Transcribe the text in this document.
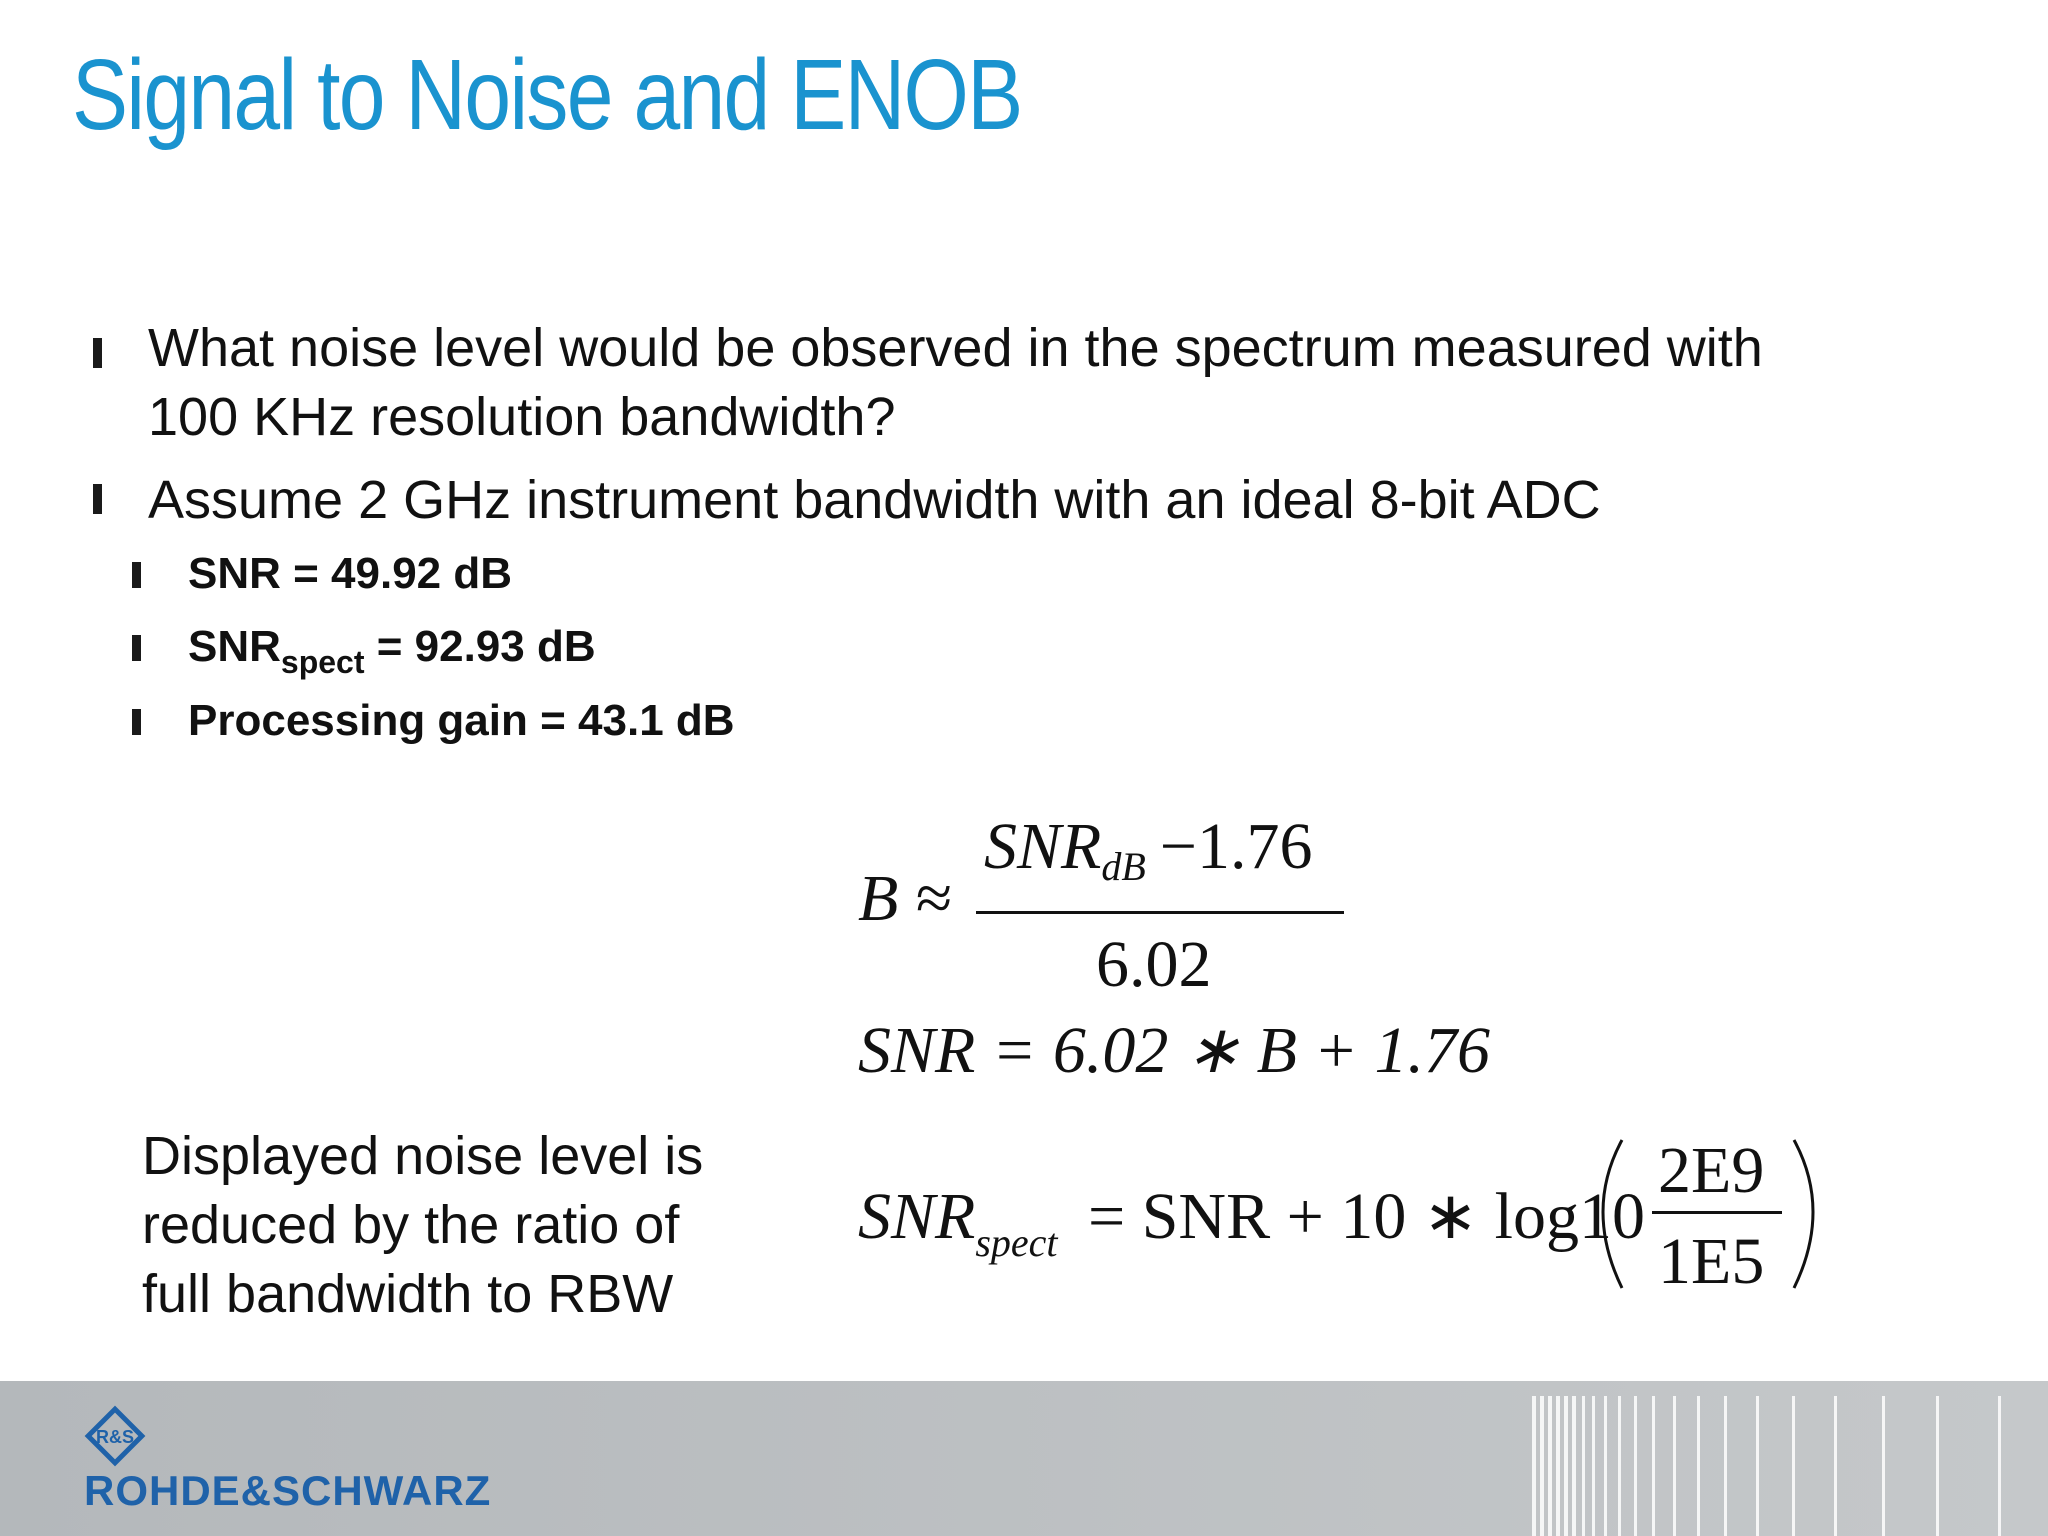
Signal to Noise and ENOB
What noise level would be observed in the spectrum measured with
100 KHz resolution bandwidth?
Assume 2 GHz instrument bandwidth with an ideal 8-bit ADC
SNR = 49.92 dB
$SNR_{spect} = 92.93$ dB
Processing gain = 43.1 dB
Displayed noise level is
reduced by the ratio of
full bandwidth to RBW
B ≈
SNRdB −1.76
6.02
SNR = 6.02 ∗ B + 1.76
$SNR_{spect}$ = SNR + 10 ∗ log10
2E9
1E5
R&S
ROHDE&SCHWARZ
